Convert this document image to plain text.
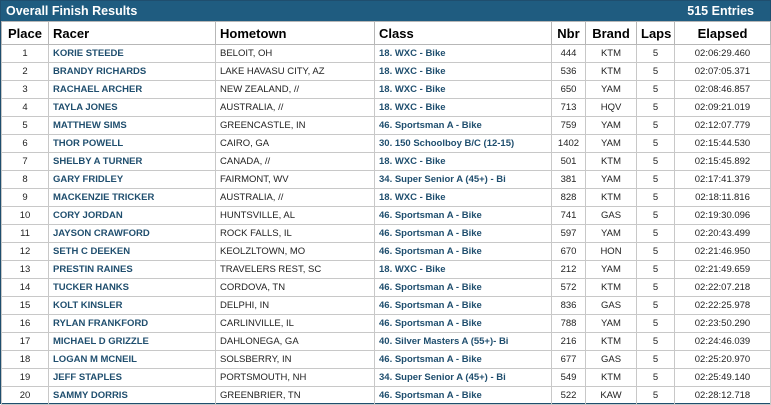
Overall Finish Results	515 Entries
Place	Racer	Hometown	Class	Nbr	Brand	Laps	Elapsed
1	KORIE STEEDE	BELOIT, OH	18. WXC - Bike	444	KTM	5	02:06:29.460
2	BRANDY RICHARDS	LAKE HAVASU CITY, AZ	18. WXC - Bike	536	KTM	5	02:07:05.371
3	RACHAEL ARCHER	NEW ZEALAND, //	18. WXC - Bike	650	YAM	5	02:08:46.857
4	TAYLA JONES	AUSTRALIA, //	18. WXC - Bike	713	HQV	5	02:09:21.019
5	MATTHEW SIMS	GREENCASTLE, IN	46. Sportsman A - Bike	759	YAM	5	02:12:07.779
6	THOR POWELL	CAIRO, GA	30. 150 Schoolboy B/C (12-15)	1402	YAM	5	02:15:44.530
7	SHELBY A TURNER	CANADA, //	18. WXC - Bike	501	KTM	5	02:15:45.892
8	GARY FRIDLEY	FAIRMONT, WV	34. Super Senior A (45+) - Bi	381	YAM	5	02:17:41.379
9	MACKENZIE TRICKER	AUSTRALIA, //	18. WXC - Bike	828	KTM	5	02:18:11.816
10	CORY JORDAN	HUNTSVILLE, AL	46. Sportsman A - Bike	741	GAS	5	02:19:30.096
11	JAYSON CRAWFORD	ROCK FALLS, IL	46. Sportsman A - Bike	597	YAM	5	02:20:43.499
12	SETH C DEEKEN	KEOLZLTOWN, MO	46. Sportsman A - Bike	670	HON	5	02:21:46.950
13	PRESTIN RAINES	TRAVELERS REST, SC	18. WXC - Bike	212	YAM	5	02:21:49.659
14	TUCKER HANKS	CORDOVA, TN	46. Sportsman A - Bike	572	KTM	5	02:22:07.218
15	KOLT KINSLER	DELPHI, IN	46. Sportsman A - Bike	836	GAS	5	02:22:25.978
16	RYLAN FRANKFORD	CARLINVILLE, IL	46. Sportsman A - Bike	788	YAM	5	02:23:50.290
17	MICHAEL D GRIZZLE	DAHLONEGA, GA	40. Silver Masters A (55+)- Bi	216	KTM	5	02:24:46.039
18	LOGAN M MCNEIL	SOLSBERRY, IN	46. Sportsman A - Bike	677	GAS	5	02:25:20.970
19	JEFF STAPLES	PORTSMOUTH, NH	34. Super Senior A (45+) - Bi	549	KTM	5	02:25:49.140
20	SAMMY DORRIS	GREENBRIER, TN	46. Sportsman A - Bike	522	KAW	5	02:28:12.718
